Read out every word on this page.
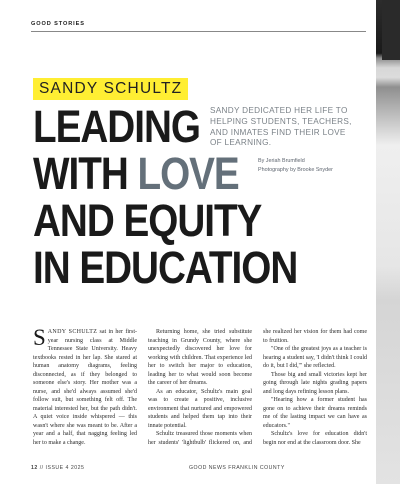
GOOD STORIES
SANDY SCHULTZ
LEADING
WITH LOVE
AND EQUITY
IN EDUCATION
SANDY DEDICATED HER LIFE TO HELPING STUDENTS, TEACHERS, AND INMATES FIND THEIR LOVE OF LEARNING.
By Jeriah Brumfield
Photography by Brooke Snyder

SANDY SCHULTZ sat in her first-year nursing class at Middle Tennessee State University. Heavy textbooks rested in her lap. She stared at human anatomy diagrams, feeling disconnected, as if they belonged to someone else's story. Her mother was a nurse, and she'd always assumed she'd follow suit, but something felt off. The material interested her, but the path didn't. A quiet voice inside whispered — this wasn't where she was meant to be. After a year and a half, that nagging feeling led her to make a change.

Returning home, she tried substitute teaching in Grundy County, where she unexpectedly discovered her love for working with children. That experience led her to switch her major to education, leading her to what would soon become the career of her dreams.

As an educator, Schultz's main goal was to create a positive, inclusive environment that nurtured and empowered students and helped them tap into their innate potential.

Schultz treasured those moments when her students' 'lightbulb' flickered on, and she realized her vision for them had come to fruition.

"One of the greatest joys as a teacher is hearing a student say, 'I didn't think I could do it, but I did,'" she reflected.

Those big and small victories kept her going through late nights grading papers and long days refining lesson plans.

"Hearing how a former student has gone on to achieve their dreams reminds me of the lasting impact we can have as educators."

Schultz's love for education didn't begin nor end at the classroom door. She

12 // ISSUE 4 2025	GOOD NEWS FRANKLIN COUNTY
